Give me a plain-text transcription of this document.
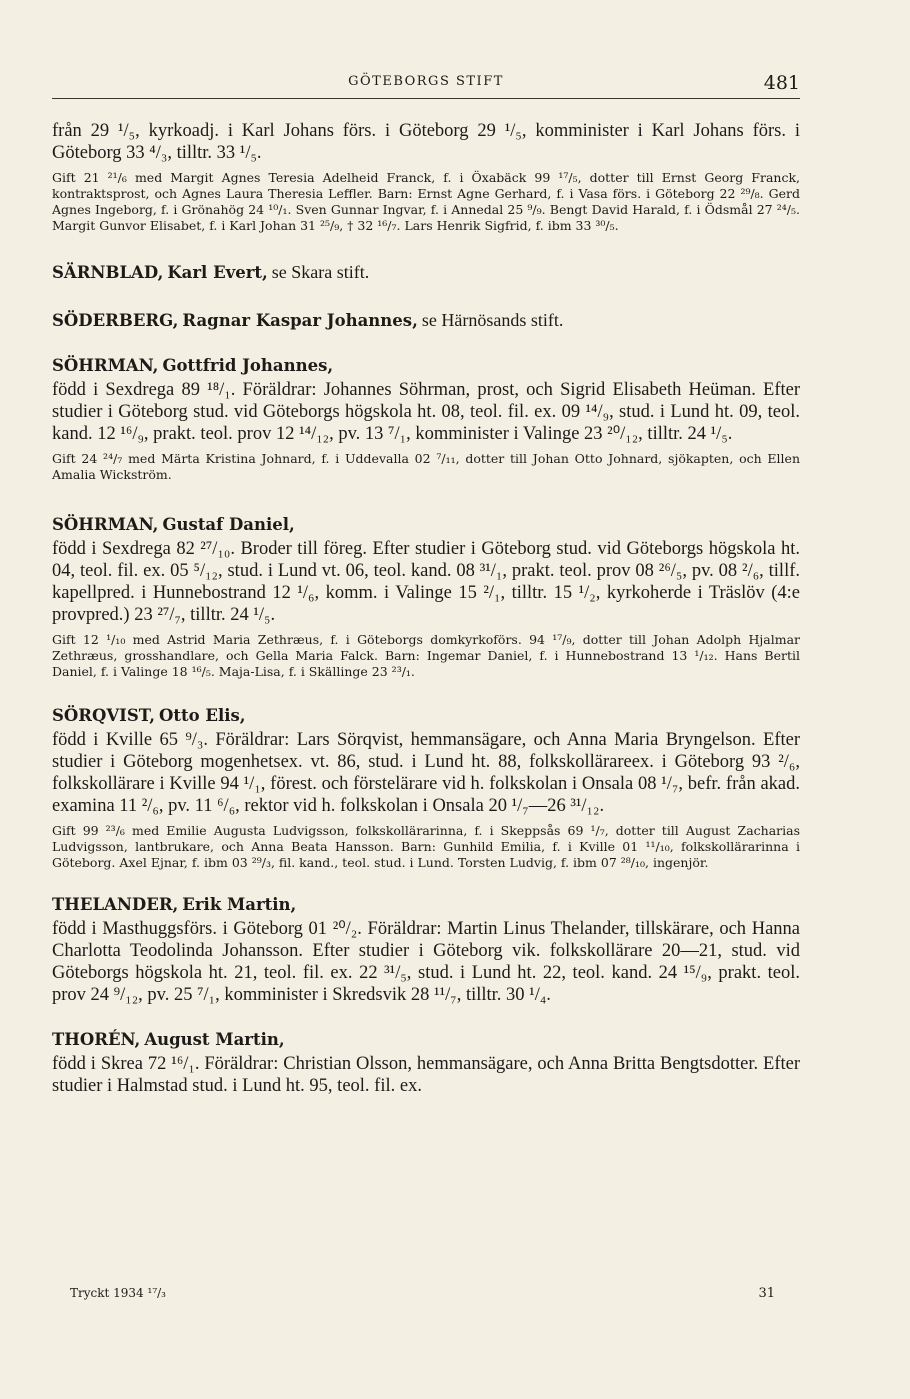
GÖTEBORGS STIFT	481

från 29 ¹/₅, kyrkoadj. i Karl Johans förs. i Göteborg 29 ¹/₅, komminister i Karl Johans förs. i Göteborg 33 ⁴/₃, tilltr. 33 ¹/₅.

Gift 21 ²¹/₆ med Margit Agnes Teresia Adelheid Franck, f. i Öxabäck 99 ¹⁷/₅, dotter till Ernst Georg Franck, kontraktsprost, och Agnes Laura Theresia Leffler. Barn: Ernst Agne Gerhard, f. i Vasa förs. i Göteborg 22 ²⁹/₈. Gerd Agnes Ingeborg, f. i Grönahög 24 ¹⁰/₁. Sven Gunnar Ingvar, f. i Annedal 25 ⁹/₉. Bengt David Harald, f. i Ödsmål 27 ²⁴/₅. Margit Gunvor Elisabet, f. i Karl Johan 31 ²⁵/₉, † 32 ¹⁶/₇. Lars Henrik Sigfrid, f. ibm 33 ³⁰/₅.

SÄRNBLAD, Karl Evert, se Skara stift.

SÖDERBERG, Ragnar Kaspar Johannes, se Härnösands stift.

SÖHRMAN, Gottfrid Johannes,

född i Sexdrega 89 ¹⁸/₁. Föräldrar: Johannes Söhrman, prost, och Sigrid Elisabeth Heüman. Efter studier i Göteborg stud. vid Göteborgs högskola ht. 08, teol. fil. ex. 09 ¹⁴/₉, stud. i Lund ht. 09, teol. kand. 12 ¹⁶/₉, prakt. teol. prov 12 ¹⁴/₁₂, pv. 13 ⁷/₁, komminister i Valinge 23 ²⁰/₁₂, tilltr. 24 ¹/₅.

Gift 24 ²⁴/₇ med Märta Kristina Johnard, f. i Uddevalla 02 ⁷/₁₁, dotter till Johan Otto Johnard, sjökapten, och Ellen Amalia Wickström.

SÖHRMAN, Gustaf Daniel,

född i Sexdrega 82 ²⁷/₁₀. Broder till föreg. Efter studier i Göteborg stud. vid Göteborgs högskola ht. 04, teol. fil. ex. 05 ⁵/₁₂, stud. i Lund vt. 06, teol. kand. 08 ³¹/₁, prakt. teol. prov 08 ²⁶/₅, pv. 08 ²/₆, tillf. kapellpred. i Hunnebostrand 12 ¹/₆, komm. i Valinge 15 ²/₁, tilltr. 15 ¹/₂, kyrkoherde i Träslöv (4:e provpred.) 23 ²⁷/₇, tilltr. 24 ¹/₅.

Gift 12 ¹/₁₀ med Astrid Maria Zethræus, f. i Göteborgs domkyrkoförs. 94 ¹⁷/₉, dotter till Johan Adolph Hjalmar Zethræus, grosshandlare, och Gella Maria Falck. Barn: Ingemar Daniel, f. i Hunnebostrand 13 ¹/₁₂. Hans Bertil Daniel, f. i Valinge 18 ¹⁶/₅. Maja-Lisa, f. i Skällinge 23 ²³/₁.

SÖRQVIST, Otto Elis,

född i Kville 65 ⁹/₃. Föräldrar: Lars Sörqvist, hemmansägare, och Anna Maria Bryngelson. Efter studier i Göteborg mogenhetsex. vt. 86, stud. i Lund ht. 88, folkskollärareex. i Göteborg 93 ²/₆, folkskollärare i Kville 94 ¹/₁, förest. och förstelärare vid h. folkskolan i Onsala 08 ¹/₇, befr. från akad. examina 11 ²/₆, pv. 11 ⁶/₆, rektor vid h. folkskolan i Onsala 20 ¹/₇—26 ³¹/₁₂.

Gift 99 ²³/₆ med Emilie Augusta Ludvigsson, folkskollärarinna, f. i Skeppsås 69 ¹/₇, dotter till August Zacharias Ludvigsson, lantbrukare, och Anna Beata Hansson. Barn: Gunhild Emilia, f. i Kville 01 ¹¹/₁₀, folkskollärarinna i Göteborg. Axel Ejnar, f. ibm 03 ²⁹/₃, fil. kand., teol. stud. i Lund. Torsten Ludvig, f. ibm 07 ²⁸/₁₀, ingenjör.

THELANDER, Erik Martin,

född i Masthuggsförs. i Göteborg 01 ²⁰/₂. Föräldrar: Martin Linus Thelander, tillskärare, och Hanna Charlotta Teodolinda Johansson. Efter studier i Göteborg vik. folkskollärare 20—21, stud. vid Göteborgs högskola ht. 21, teol. fil. ex. 22 ³¹/₅, stud. i Lund ht. 22, teol. kand. 24 ¹⁵/₉, prakt. teol. prov 24 ⁹/₁₂, pv. 25 ⁷/₁, komminister i Skredsvik 28 ¹¹/₇, tilltr. 30 ¹/₄.

THORÉN, August Martin,

född i Skrea 72 ¹⁶/₁. Föräldrar: Christian Olsson, hemmansägare, och Anna Britta Bengtsdotter. Efter studier i Halmstad stud. i Lund ht. 95, teol. fil. ex.

Tryckt 1934 ¹⁷/₃	31
